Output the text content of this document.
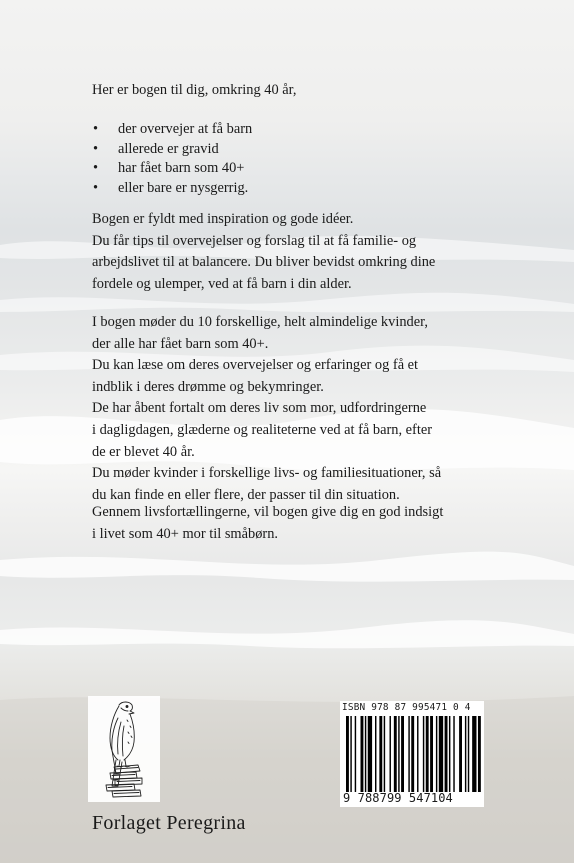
Her er bogen til dig, omkring 40 år,

• der overvejer at få barn
• allerede er gravid
• har fået barn som 40+
• eller bare er nysgerrig.

Bogen er fyldt med inspiration og gode idéer.

Du får tips til overvejelser og forslag til at få familie- og

arbejdslivet til at balancere. Du bliver bevidst omkring dine

fordele og ulemper, ved at få barn i din alder.

I bogen møder du 10 forskellige, helt almindelige kvinder,

der alle har fået barn som 40+.

Du kan læse om deres overvejelser og erfaringer og få et

indblik i deres drømme og bekymringer.

De har åbent fortalt om deres liv som mor, udfordringerne

i dagligdagen, glæderne og realiteterne ved at få barn, efter

de er blevet 40 år.

Du møder kvinder i forskellige livs- og familiesituationer, så

du kan finde en eller flere, der passer til din situation.

Gennem livsfortællingerne, vil bogen give dig en god indsigt

i livet som 40+ mor til småbørn.

Forlaget Peregrina
ISBN 978 87 995471 0 4
9 788799 547104
